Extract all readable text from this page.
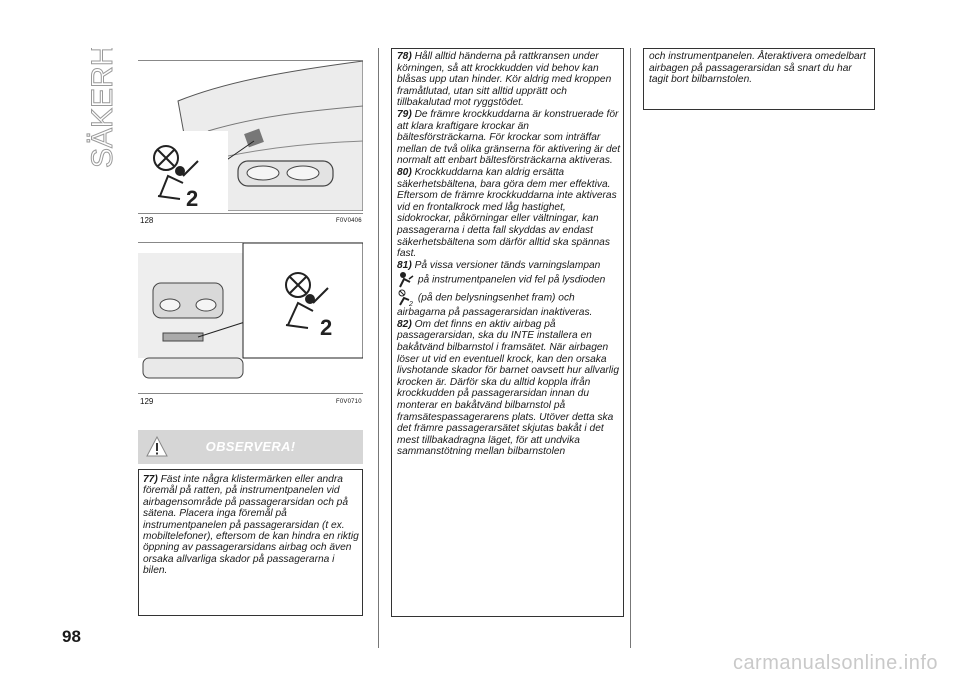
SÄKERHET
2
128	F0V0406
2
129	F0V0710
OBSERVERA!
77) Fäst inte några klistermärken eller andra föremål på ratten, på instrumentpanelen vid airbagensområde på passagerarsidan och på sätena. Placera inga föremål på instrumentpanelen på passagerarsidan (t ex. mobiltelefoner), eftersom de kan hindra en riktig öppning av passagerarsidans airbag och även orsaka allvarliga skador på passagerarna i bilen.

78) Håll alltid händerna på rattkransen under körningen, så att krockkudden vid behov kan blåsas upp utan hinder. Kör aldrig med kroppen framåtlutad, utan sitt alltid upprätt och tillbakalutad mot ryggstödet.

79) De främre krockkuddarna är konstruerade för att klara kraftigare krockar än bältesförsträckarna. För krockar som inträffar mellan de två olika gränserna för aktivering är det normalt att enbart bältesförsträckarna aktiveras.

80) Krockkuddarna kan aldrig ersätta säkerhetsbältena, bara göra dem mer effektiva. Eftersom de främre krockkuddarna inte aktiveras vid en frontalkrock med låg hastighet, sidokrockar, påkörningar eller vältningar, kan passagerarna i detta fall skyddas av endast säkerhetsbältena som därför alltid ska spännas fast.

81) På vissa versioner tänds varningslampan  på instrumentpanelen vid fel på lysdioden
2
(på den belysningsenhet fram) och airbagarna på passagerarsidan inaktiveras.

82) Om det finns en aktiv airbag på passagerarsidan, ska du INTE installera en bakåtvänd bilbarnstol i framsätet. När airbagen löser ut vid en eventuell krock, kan den orsaka livshotande skador för barnet oavsett hur allvarlig krocken är. Därför ska du alltid koppla ifrån krockkudden på passagerarsidan innan du monterar en bakåtvänd bilbarnstol på framsätespassagerarens plats. Utöver detta ska det främre passagerarsätet skjutas bakåt i det mest tillbakadragna läget, för att undvika sammanstötning mellan bilbarnstolen

och instrumentpanelen. Återaktivera omedelbart airbagen på passagerarsidan så snart du har tagit bort bilbarnstolen.
98
carmanualsonline.info
